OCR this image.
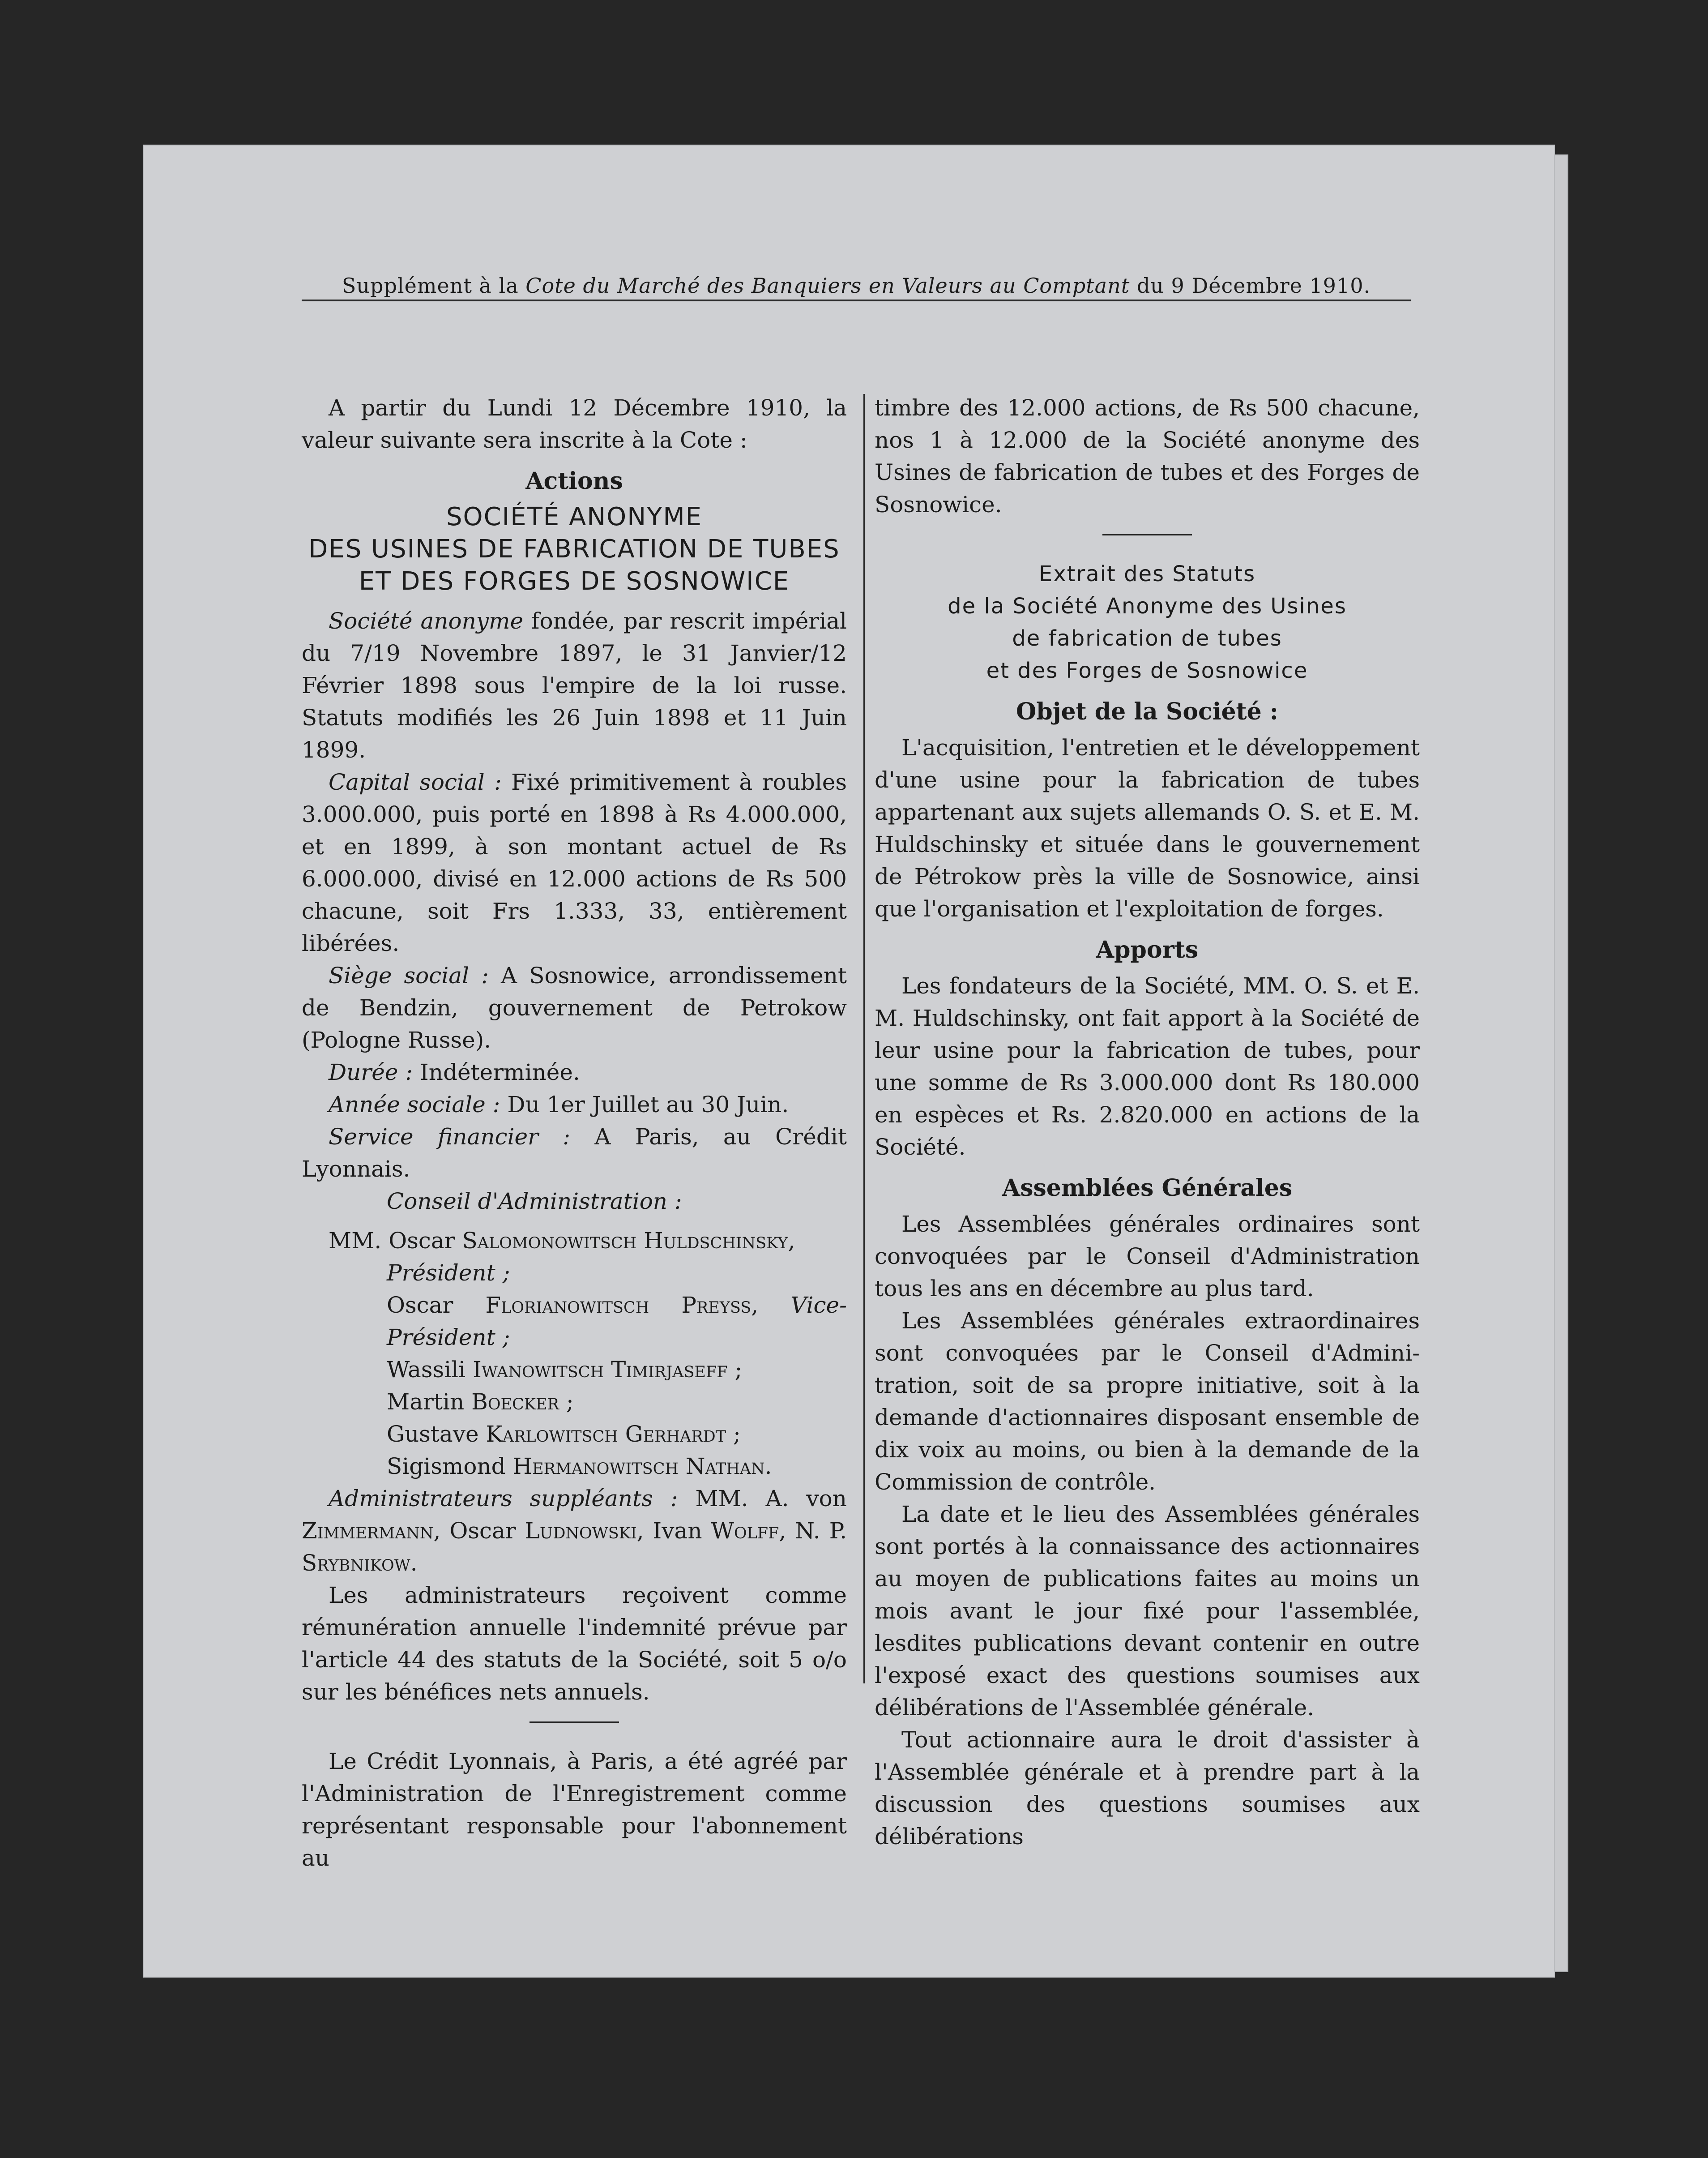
Supplément à la
Cote du Marché des Banquiers en Valeurs au Comptant
du 9 Décembre 1910.

A partir du Lundi 12 Décembre 1910, la valeur suivante sera inscrite à la Cote :

Actions
SOCIÉTÉ ANONYME
DES USINES DE FABRICATION DE TUBES
ET DES FORGES DE SOSNOWICE

Société anonyme fondée, par rescrit impérial du 7/19 Novembre 1897, le 31 Janvier/12 Février 1898 sous l'empire de la loi russe. Statuts modifiés les 26 Juin 1898 et 11 Juin 1899.

Capital social : Fixé primitivement à roubles 3.000.000, puis porté en 1898 à Rs 4.000.000, et en 1899, à son montant actuel de Rs 6.000.000, divisé en 12.000 actions de Rs 500 chacune, soit Frs 1.333, 33, entièrement libérées.

Siège social : A Sosnowice, arrondissement de Bendzin, gouvernement de Petrokow (Pologne Russe).

Durée : Indéterminée.

Année sociale : Du 1er Juillet au 30 Juin.

Service financier : A Paris, au Crédit Lyonnais.

Conseil d'Administration :

MM. Oscar Salomonowitsch Huldschinsky,

Président ;

Oscar Florianowitsch Preyss, Vice-Président ;

Wassili Iwanowitsch Timirjaseff ;

Martin Boecker ;

Gustave Karlowitsch Gerhardt ;

Sigismond Hermanowitsch Nathan.

Administrateurs suppléants : MM. A. von Zimmermann, Oscar Ludnowski, Ivan Wolff, N. P. Srybnikow.

Les administrateurs reçoivent comme rémunération annuelle l'indemnité prévue par l'article 44 des statuts de la Société, soit 5 o/o sur les bénéfices nets annuels.

Le Crédit Lyonnais, à Paris, a été agréé par l'Administration de l'Enregistrement comme représentant responsable pour l'abonnement au

timbre des 12.000 actions, de Rs 500 chacune, nos 1 à 12.000 de la Société anonyme des Usines de fabrication de tubes et des Forges de Sosnowice.

Extrait des Statuts
de la Société Anonyme des Usines
de fabrication de tubes
et des Forges de Sosnowice
Objet de la Société :

L'acquisition, l'entretien et le développement d'une usine pour la fabrication de tubes appartenant aux sujets allemands O. S. et E. M. Huldschinsky et située dans le gouvernement de Pétrokow près la ville de Sosnowice, ainsi que l'organisation et l'exploitation de forges.

Apports

Les fondateurs de la Société, MM. O. S. et E. M. Huldschinsky, ont fait apport à la Société de leur usine pour la fabrication de tubes, pour une somme de Rs 3.000.000 dont Rs 180.000 en espèces et Rs. 2.820.000 en actions de la Société.

Assemblées Générales

Les Assemblées générales ordinaires sont convoquées par le Conseil d'Administration tous les ans en décembre au plus tard.

Les Assemblées générales extraordinaires sont convoquées par le Conseil d'Admini-tration, soit de sa propre initiative, soit à la demande d'actionnaires disposant ensemble de dix voix au moins, ou bien à la demande de la Commission de contrôle.

La date et le lieu des Assemblées générales sont portés à la connaissance des actionnaires au moyen de publications faites au moins un mois avant le jour fixé pour l'assemblée, lesdites publications devant contenir en outre l'exposé exact des questions soumises aux délibérations de l'Assemblée générale.

Tout actionnaire aura le droit d'assister à l'Assemblée générale et à prendre part à la discussion des questions soumises aux délibérations
